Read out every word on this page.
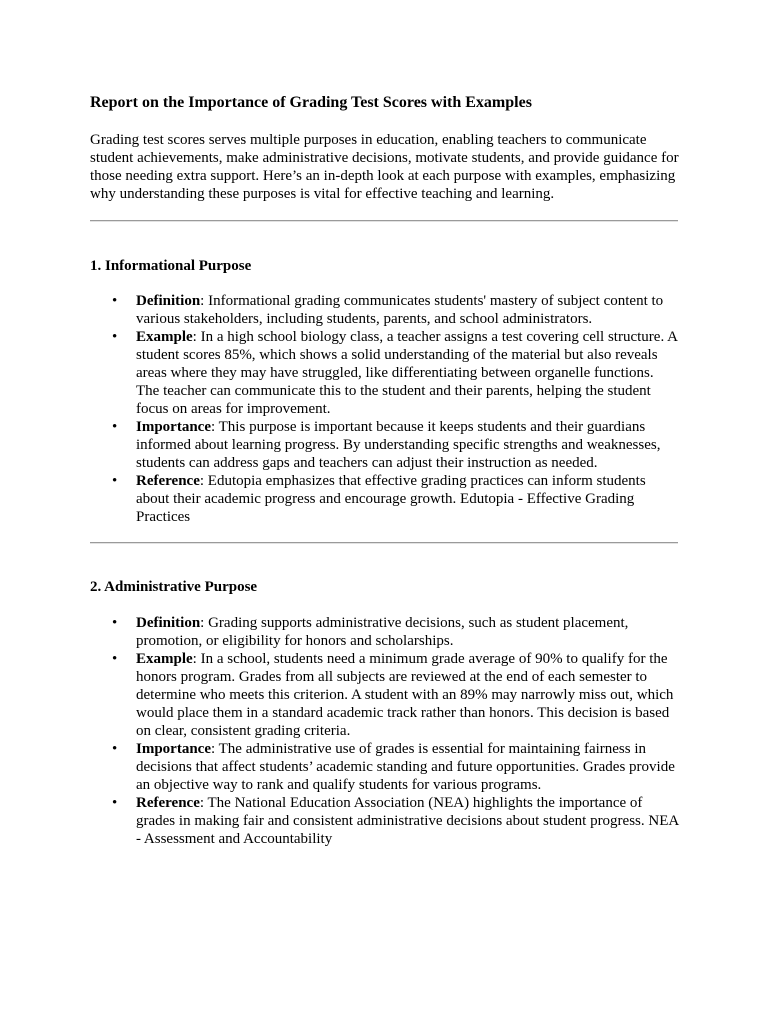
Report on the Importance of Grading Test Scores with Examples

Grading test scores serves multiple purposes in education, enabling teachers to communicate student achievements, make administrative decisions, motivate students, and provide guidance for those needing extra support. Here’s an in-depth look at each purpose with examples, emphasizing why understanding these purposes is vital for effective teaching and learning.

1. Informational Purpose
• Definition: Informational grading communicates students' mastery of subject content to various stakeholders, including students, parents, and school administrators.
• Example: In a high school biology class, a teacher assigns a test covering cell structure. A student scores 85%, which shows a solid understanding of the material but also reveals areas where they may have struggled, like differentiating between organelle functions. The teacher can communicate this to the student and their parents, helping the student focus on areas for improvement.
• Importance: This purpose is important because it keeps students and their guardians informed about learning progress. By understanding specific strengths and weaknesses, students can address gaps and teachers can adjust their instruction as needed.
• Reference: Edutopia emphasizes that effective grading practices can inform students about their academic progress and encourage growth. Edutopia - Effective Grading Practices
2. Administrative Purpose
• Definition: Grading supports administrative decisions, such as student placement, promotion, or eligibility for honors and scholarships.
• Example: In a school, students need a minimum grade average of 90% to qualify for the honors program. Grades from all subjects are reviewed at the end of each semester to determine who meets this criterion. A student with an 89% may narrowly miss out, which would place them in a standard academic track rather than honors. This decision is based on clear, consistent grading criteria.
• Importance: The administrative use of grades is essential for maintaining fairness in decisions that affect students’ academic standing and future opportunities. Grades provide an objective way to rank and qualify students for various programs.
• Reference: The National Education Association (NEA) highlights the importance of grades in making fair and consistent administrative decisions about student progress. NEA - Assessment and Accountability
